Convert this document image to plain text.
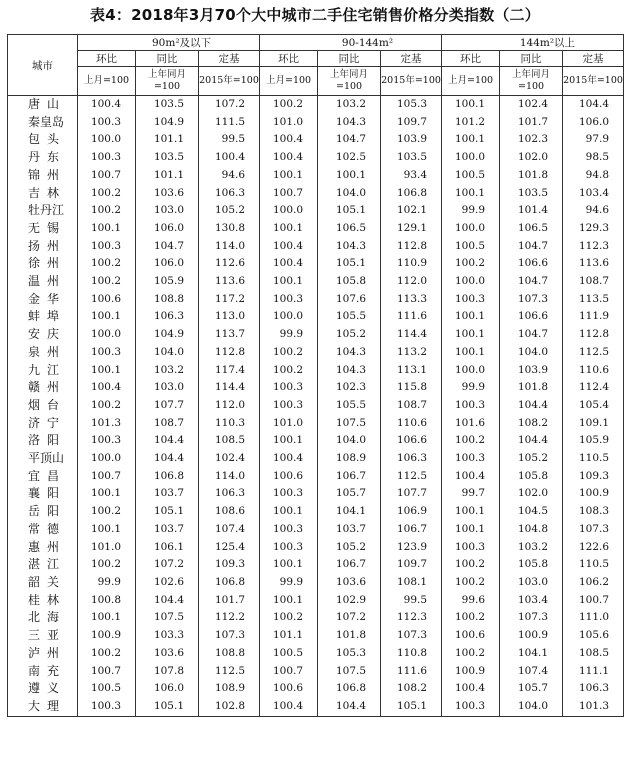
表4：2018年3月70个大中城市二手住宅销售价格分类指数（二）
城市	90m²及以下			90-144m²			144m²以上		
	环比	同比	定基	环比	同比	定基	环比	同比	定基
	上月=100	上年同月=100	2015年=100	上月=100	上年同月=100	2015年=100	上月=100	上年同月=100	2015年=100
唐山	100.4	103.5	107.2	100.2	103.2	105.3	100.1	102.4	104.4
秦皇岛	100.3	104.9	111.5	101.0	104.3	109.7	101.2	101.7	106.0
包头	100.0	101.1	99.5	100.4	104.7	103.9	100.1	102.3	97.9
丹东	100.3	103.5	100.4	100.4	102.5	103.5	100.0	102.0	98.5
锦州	100.7	101.1	94.6	100.1	100.1	93.4	100.5	101.8	94.8
吉林	100.2	103.6	106.3	100.7	104.0	106.8	100.1	103.5	103.4
牡丹江	100.2	103.0	105.2	100.0	105.1	102.1	99.9	101.4	94.6
无锡	100.1	106.0	130.8	100.1	106.5	129.1	100.0	106.5	129.3
扬州	100.3	104.7	114.0	100.4	104.3	112.8	100.5	104.7	112.3
徐州	100.2	106.0	112.6	100.4	105.1	110.9	100.2	106.6	113.6
温州	100.2	105.9	113.6	100.1	105.8	112.0	100.0	104.7	108.7
金华	100.6	108.8	117.2	100.3	107.6	113.3	100.3	107.3	113.5
蚌埠	100.1	106.3	113.0	100.0	105.5	111.6	100.1	106.6	111.9
安庆	100.0	104.9	113.7	99.9	105.2	114.4	100.1	104.7	112.8
泉州	100.3	104.0	112.8	100.2	104.3	113.2	100.1	104.0	112.5
九江	100.1	103.2	117.4	100.2	104.3	113.1	100.0	103.9	110.6
赣州	100.4	103.0	114.4	100.3	102.3	115.8	99.9	101.8	112.4
烟台	100.2	107.7	112.0	100.3	105.5	108.7	100.3	104.4	105.4
济宁	101.3	108.7	110.3	101.0	107.5	110.6	101.6	108.2	109.1
洛阳	100.3	104.4	108.5	100.1	104.0	106.6	100.2	104.4	105.9
平顶山	100.0	104.4	102.4	100.4	108.9	106.3	100.3	105.2	110.5
宜昌	100.7	106.8	114.0	100.6	106.7	112.5	100.4	105.8	109.3
襄阳	100.1	103.7	106.3	100.3	105.7	107.7	99.7	102.0	100.9
岳阳	100.2	105.1	108.6	100.1	104.1	106.9	100.1	104.5	108.3
常德	100.1	103.7	107.4	100.3	103.7	106.7	100.1	104.8	107.3
惠州	101.0	106.1	125.4	100.3	105.2	123.9	100.3	103.2	122.6
湛江	100.2	107.2	109.3	100.1	106.7	109.7	100.2	105.8	110.5
韶关	99.9	102.6	106.8	99.9	103.6	108.1	100.2	103.0	106.2
桂林	100.8	104.4	101.7	100.1	102.9	99.5	99.6	103.4	100.7
北海	100.1	107.5	112.2	100.2	107.2	112.3	100.2	107.3	111.0
三亚	100.9	103.3	107.3	101.1	101.8	107.3	100.6	100.9	105.6
泸州	100.2	103.6	108.8	100.5	105.3	110.8	100.2	104.1	108.5
南充	100.7	107.8	112.5	100.7	107.5	111.6	100.9	107.4	111.1
遵义	100.5	106.0	108.9	100.6	106.8	108.2	100.4	105.7	106.3
大理	100.3	105.1	102.8	100.4	104.4	105.1	100.3	104.0	101.3
